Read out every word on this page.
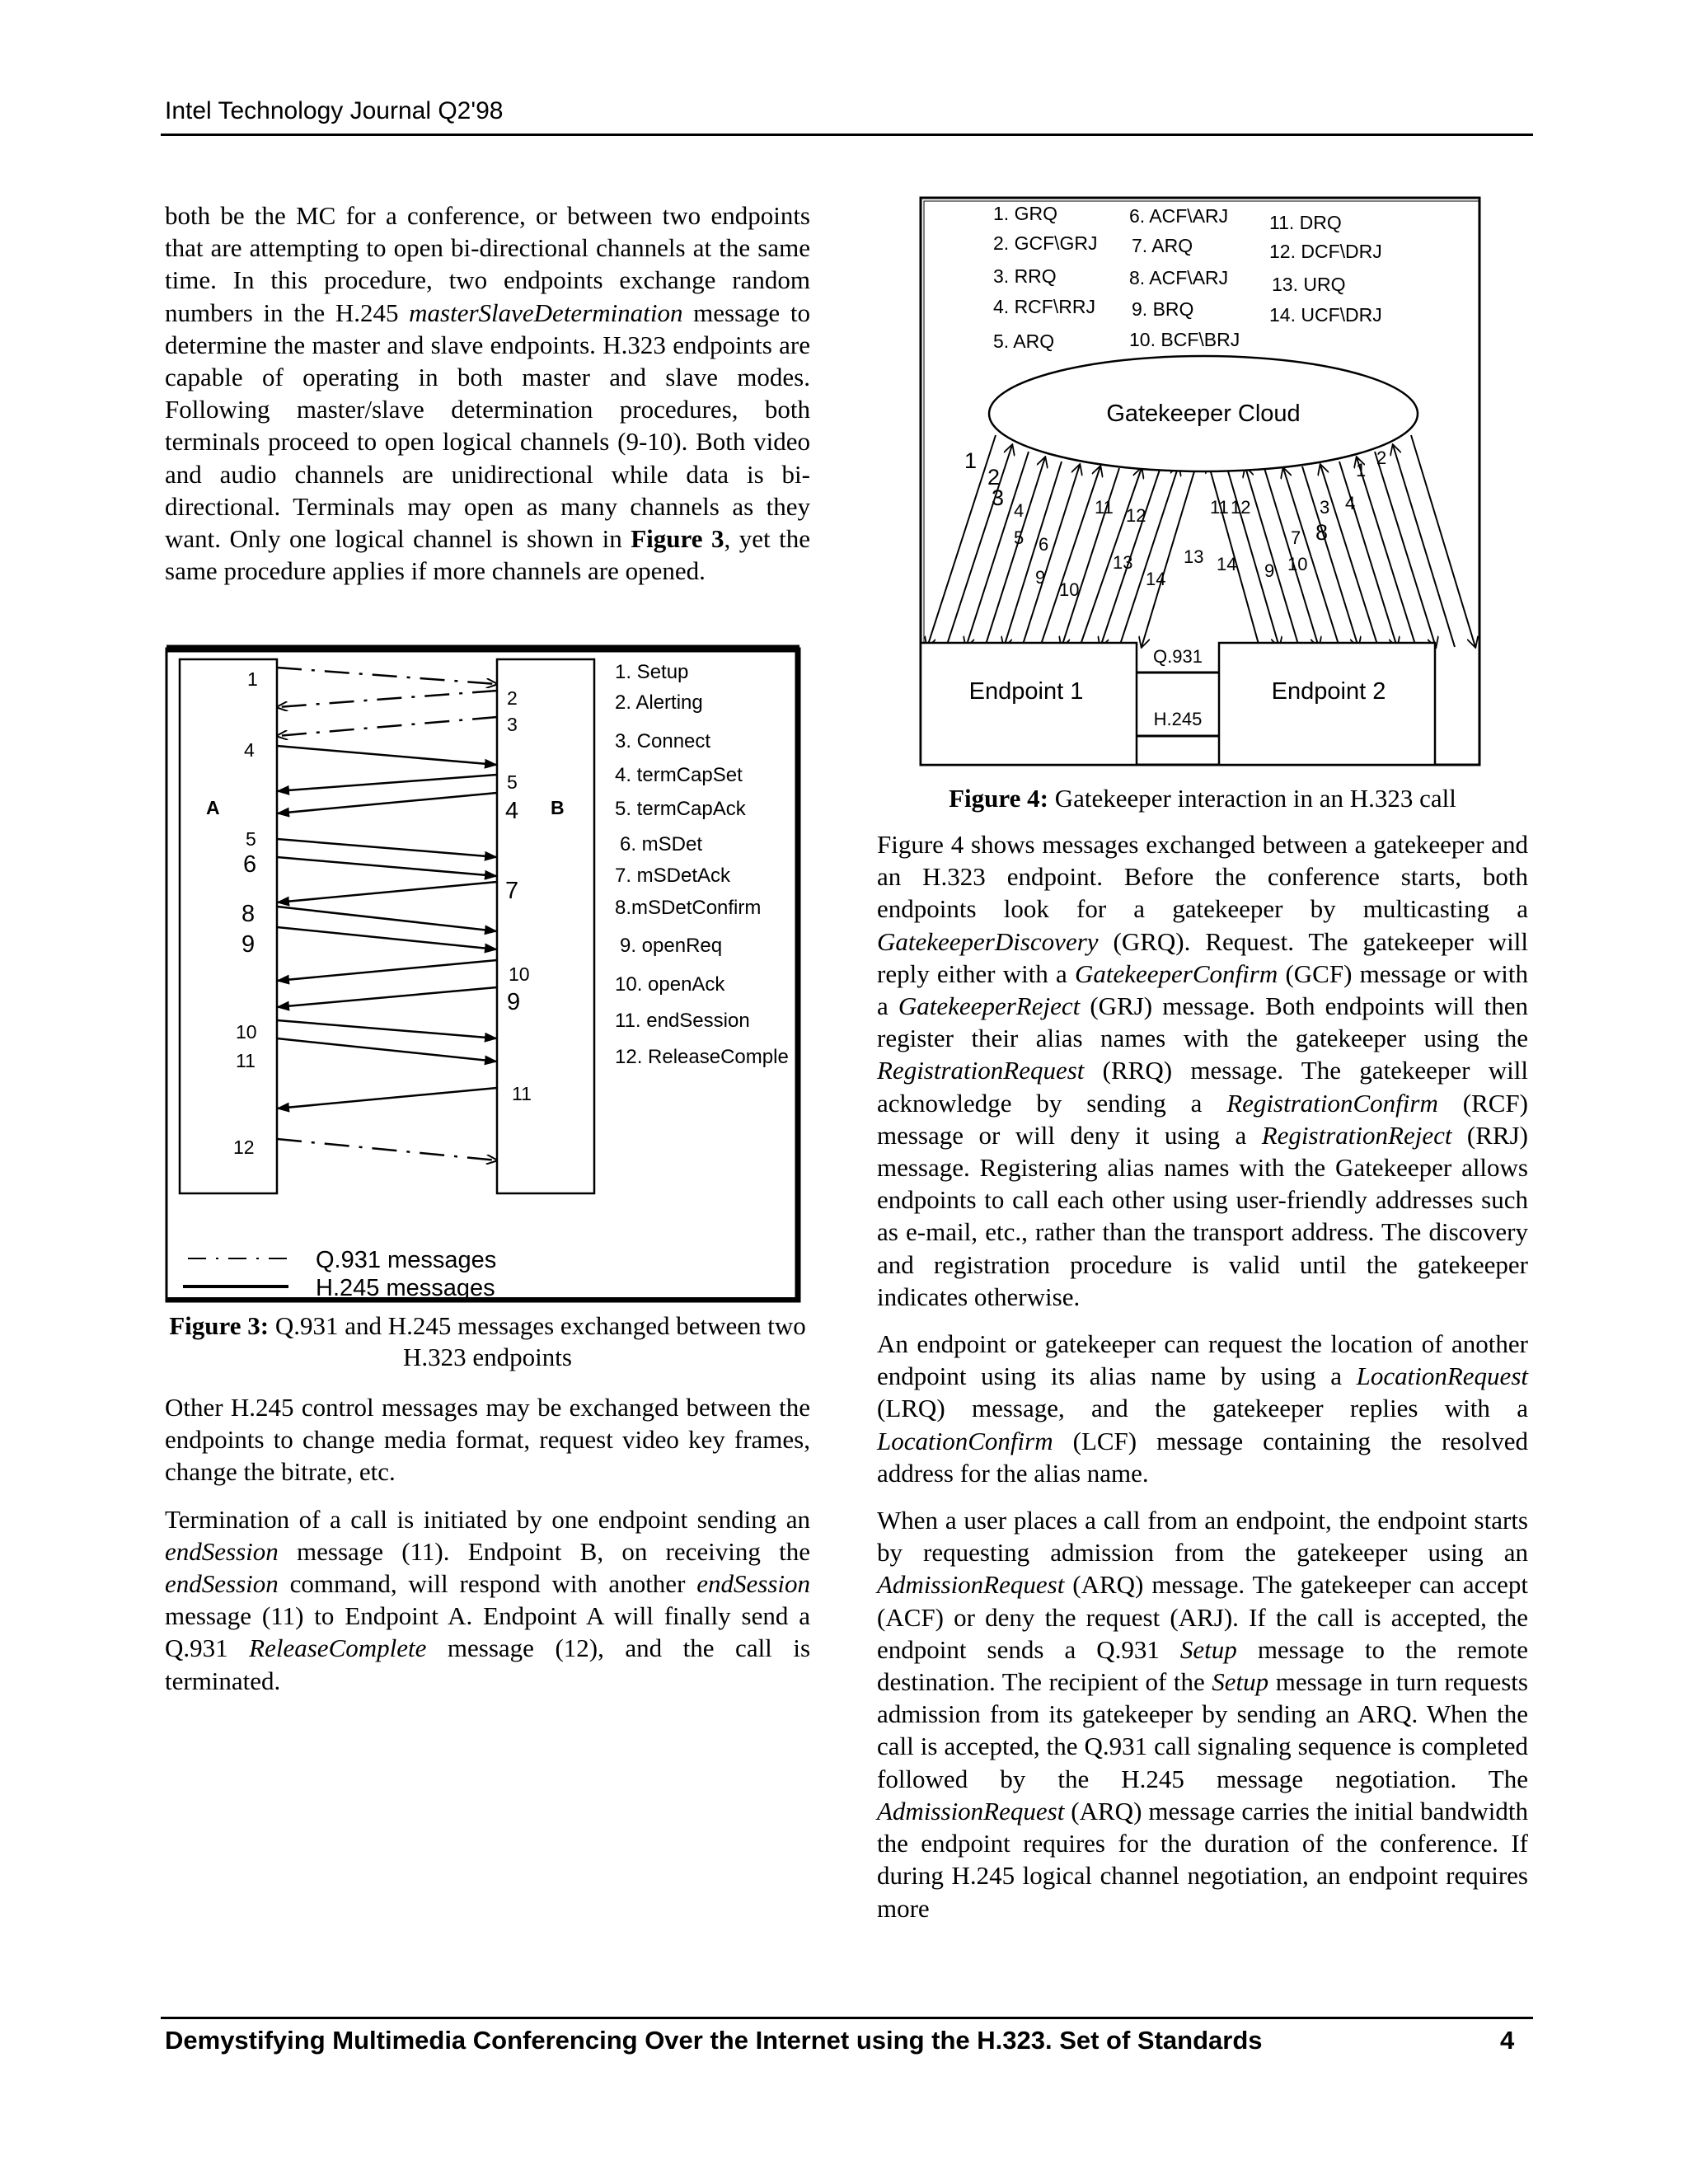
Intel Technology Journal Q2'98

both be the MC for a conference, or between two endpoints that are attempting to open bi-directional channels at the same time. In this procedure, two endpoints exchange random numbers in the H.245 masterSlaveDetermination message to determine the master and slave endpoints. H.323 endpoints are capable of operating in both master and slave modes. Following master/slave determination procedures, both terminals proceed to open logical channels (9-10). Both video and audio channels are unidirectional while data is bi-directional. Terminals may open as many channels as they want. Only one logical channel is shown in Figure 3, yet the same procedure applies if more channels are opened.

A	B
1
4
5
6
8
9
10
11
12
2
3
5
4
7
10
9
11
1. Setup
2. Alerting
3. Connect
4. termCapSet
5. termCapAck
6. mSDet
7. mSDetAck
8.mSDetConfirm
9. openReq
10. openAck
11. endSession
12. ReleaseComple
Q.931 messages
H.245 messages
Figure 3: Q.931 and H.245 messages exchanged between two H.323 endpoints

Other H.245 control messages may be exchanged between the endpoints to change media format, request video key frames, change the bitrate, etc.

Termination of a call is initiated by one endpoint sending an endSession message (11). Endpoint B, on receiving the endSession command, will respond with another endSession message (11) to Endpoint A. Endpoint A will finally send a Q.931 ReleaseComplete message (12), and the call is terminated.

1. GRQ
2. GCF\GRJ
3. RRQ
4. RCF\RRJ
5. ARQ
6. ACF\ARJ
7. ARQ
8. ACF\ARJ
9. BRQ
10. BCF\BRJ
11. DRQ
12. DCF\DRJ
13. URQ
14. UCF\DRJ
Gatekeeper Cloud
1
2
3
4
5 6
9
10
11 12
13
14
1
2
3 4
7 8
9 10
11 12
13 14
Endpoint 1	Endpoint 2
Q.931
H.245
Figure 4: Gatekeeper interaction in an H.323 call

Figure 4 shows messages exchanged between a gatekeeper and an H.323 endpoint. Before the conference starts, both endpoints look for a gatekeeper by multicasting a GatekeeperDiscovery (GRQ). Request. The gatekeeper will reply either with a GatekeeperConfirm (GCF) message or with a GatekeeperReject (GRJ) message. Both endpoints will then register their alias names with the gatekeeper using the RegistrationRequest (RRQ) message. The gatekeeper will acknowledge by sending a RegistrationConfirm (RCF) message or will deny it using a RegistrationReject (RRJ) message. Registering alias names with the Gatekeeper allows endpoints to call each other using user-friendly addresses such as e-mail, etc., rather than the transport address. The discovery and registration procedure is valid until the gatekeeper indicates otherwise.

An endpoint or gatekeeper can request the location of another endpoint using its alias name by using a LocationRequest (LRQ) message, and the gatekeeper replies with a LocationConfirm (LCF) message containing the resolved address for the alias name.

When a user places a call from an endpoint, the endpoint starts by requesting admission from the gatekeeper using an AdmissionRequest (ARQ) message. The gatekeeper can accept (ACF) or deny the request (ARJ). If the call is accepted, the endpoint sends a Q.931 Setup message to the remote destination. The recipient of the Setup message in turn requests admission from its gatekeeper by sending an ARQ. When the call is accepted, the Q.931 call signaling sequence is completed followed by the H.245 message negotiation. The AdmissionRequest (ARQ) message carries the initial bandwidth the endpoint requires for the duration of the conference. If during H.245 logical channel negotiation, an endpoint requires more

Demystifying Multimedia Conferencing Over the Internet using the H.323. Set of Standards	4
